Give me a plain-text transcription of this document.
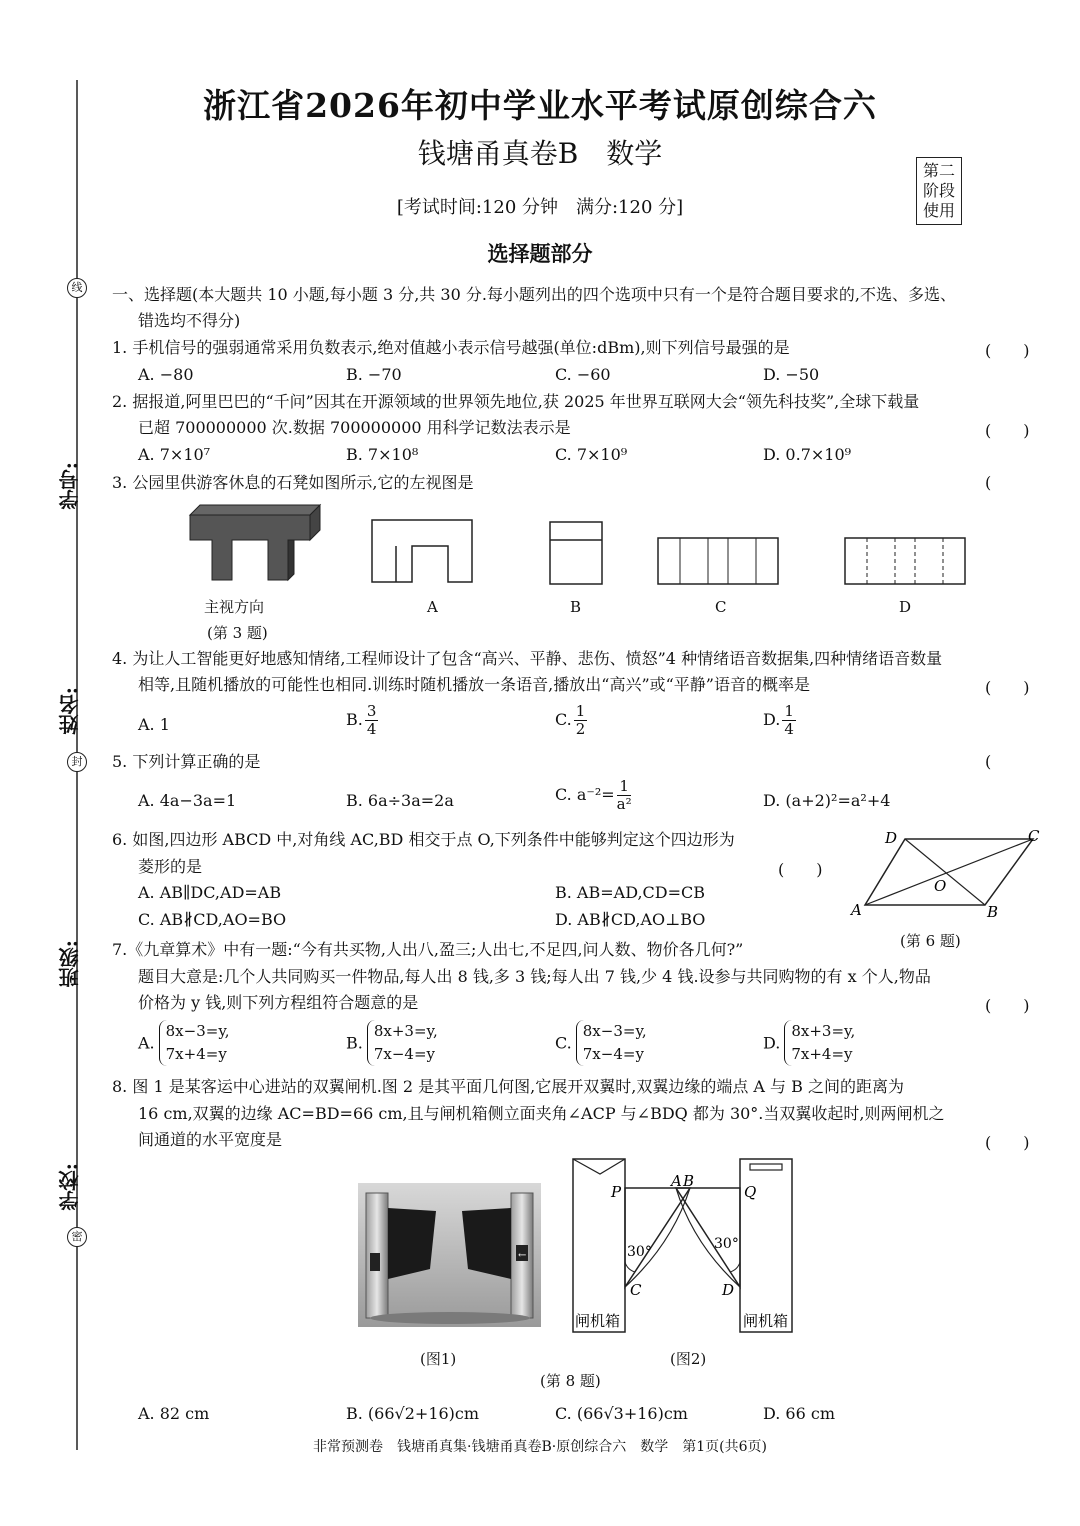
线
封
密
学号:
姓名:
班级:
学校:
浙江省2026年初中学业水平考试原创综合六
钱塘甬真卷B　数学
[考试时间:120 分钟　满分:120 分]
第二
阶段
使用
选择题部分
一、选择题(本大题共 10 小题,每小题 3 分,共 30 分.每小题列出的四个选项中只有一个是符合题目要求的,不选、多选、
错选均不得分)
1. 手机信号的强弱通常采用负数表示,绝对值越小表示信号越强(单位:dBm),则下列信号最强的是	(　　)
A. −80	B. −70	C. −60	D. −50
2. 据报道,阿里巴巴的“千问”因其在开源领域的世界领先地位,获 2025 年世界互联网大会“领先科技奖”,全球下载量
已超 700000000 次.数据 700000000 用科学记数法表示是	(　　)
A. 7×10⁷	B. 7×10⁸	C. 7×10⁹	D. 0.7×10⁹
3. 公园里供游客休息的石凳如图所示,它的左视图是	(
主视方向	A	B	C	D
(第 3 题)
4. 为让人工智能更好地感知情绪,工程师设计了包含“高兴、平静、悲伤、愤怒”4 种情绪语音数据集,四种情绪语音数量
相等,且随机播放的可能性也相同.训练时随机播放一条语音,播放出“高兴”或“平静”语音的概率是	(　　)
A. 1	B. $\frac{3}{4}$	C. $\frac{1}{2}$	D. $\frac{1}{4}$
5. 下列计算正确的是	(
A. 4a−3a=1	B. 6a÷3a=2a	C. $a^{-2}= \frac{1}{\text{a²}}$	D. (a+2)²=a²+4
6. 如图,四边形 ABCD 中,对角线 AC,BD 相交于点 O,下列条件中能够判定这个四边形为
菱形的是	(　　)
A. AB∥DC,AD=AB	B. AB=AD,CD=CB
C. AB∦CD,AO=BO	D. AB∦CD,AO⊥BO	A	B
C
D
O
(第 6 题)
7.《九章算术》中有一题:“今有共买物,人出八,盈三;人出七,不足四,问人数、物价各几何?”
题目大意是:几个人共同购买一件物品,每人出 8 钱,多 3 钱;每人出 7 钱,少 4 钱.设参与共同购物的有 x 个人,物品
价格为 y 钱,则下列方程组符合题意的是	(　　)
A.8x−3=y,
7x+4=y
B.8x+3=y,
7x−4=y
C.8x−3=y,
7x−4=y
D.8x+3=y,
7x+4=y
8. 图 1 是某客运中心进站的双翼闸机.图 2 是其平面几何图,它展开双翼时,双翼边缘的端点 A 与 B 之间的距离为
16 cm,双翼的边缘 AC=BD=66 cm,且与闸机箱侧立面夹角∠ACP 与∠BDQ 都为 30°.当双翼收起时,则两闸机之
间通道的水平宽度是	(　　)
←
P
A B
Q
30°	30°
C	D
闸机箱	闸机箱
(图1)	(图2)
(第 8 题)
A. 82 cm	B. (66√2+16)cm	C. (66√3+16)cm	D. 66 cm
非常预测卷　钱塘甬真集·钱塘甬真卷B·原创综合六　数学　第1页(共6页)
